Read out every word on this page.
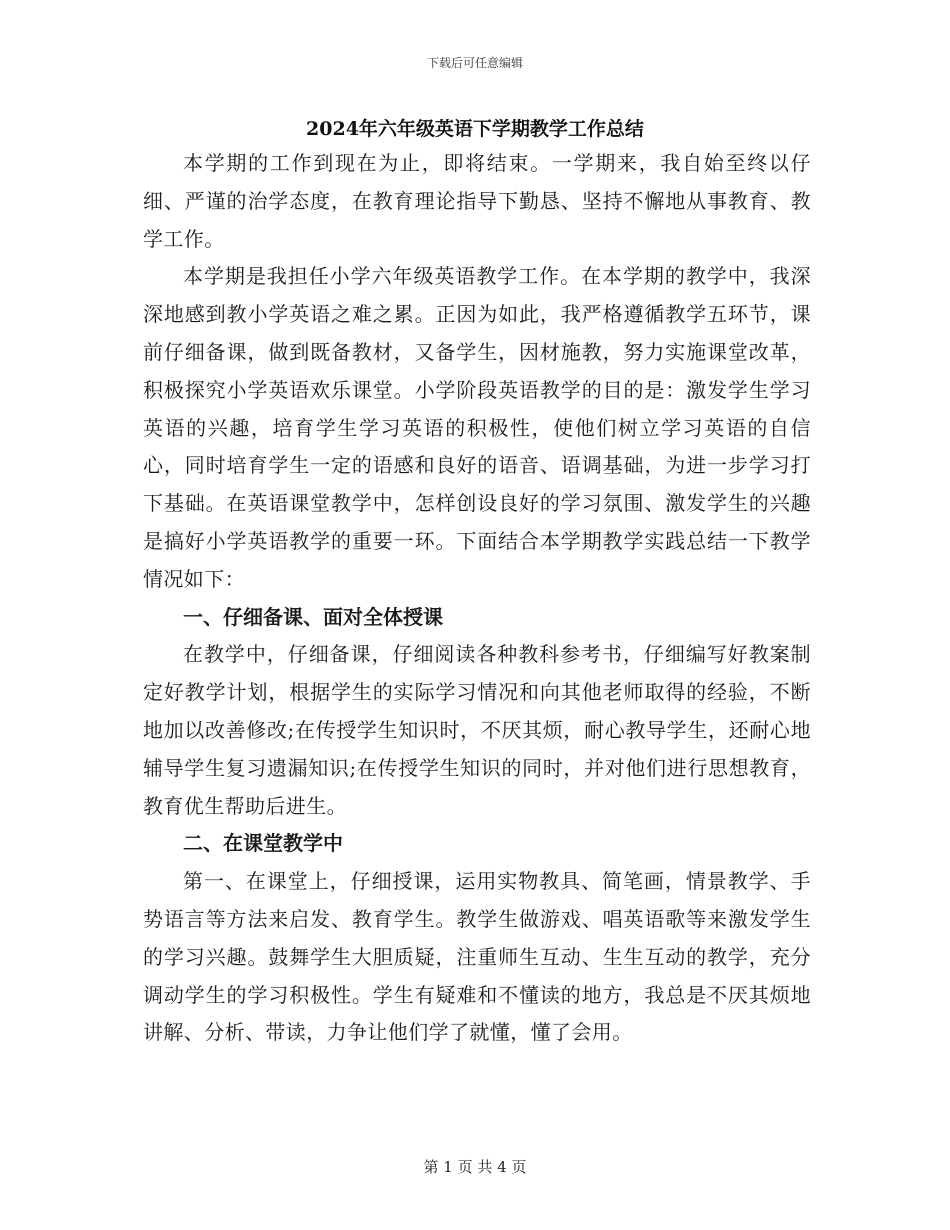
下载后可任意编辑
2024年六年级英语下学期教学工作总结

本学期的工作到现在为止，即将结束。一学期来，我自始至终以仔细、严谨的治学态度，在教育理论指导下勤恳、坚持不懈地从事教育、教学工作。

本学期是我担任小学六年级英语教学工作。在本学期的教学中，我深深地感到教小学英语之难之累。正因为如此，我严格遵循教学五环节，课前仔细备课，做到既备教材，又备学生，因材施教，努力实施课堂改革，积极探究小学英语欢乐课堂。小学阶段英语教学的目的是：激发学生学习英语的兴趣，培育学生学习英语的积极性，使他们树立学习英语的自信心，同时培育学生一定的语感和良好的语音、语调基础，为进一步学习打下基础。在英语课堂教学中，怎样创设良好的学习氛围、激发学生的兴趣是搞好小学英语教学的重要一环。下面结合本学期教学实践总结一下教学情况如下：

一、仔细备课、面对全体授课

在教学中，仔细备课，仔细阅读各种教科参考书，仔细编写好教案制定好教学计划，根据学生的实际学习情况和向其他老师取得的经验，不断地加以改善修改;在传授学生知识时，不厌其烦，耐心教导学生，还耐心地辅导学生复习遗漏知识;在传授学生知识的同时，并对他们进行思想教育，教育优生帮助后进生。

二、在课堂教学中

第一、在课堂上，仔细授课，运用实物教具、简笔画，情景教学、手势语言等方法来启发、教育学生。教学生做游戏、唱英语歌等来激发学生的学习兴趣。鼓舞学生大胆质疑，注重师生互动、生生互动的教学，充分调动学生的学习积极性。学生有疑难和不懂读的地方，我总是不厌其烦地讲解、分析、带读，力争让他们学了就懂，懂了会用。

第 1 页 共 4 页
